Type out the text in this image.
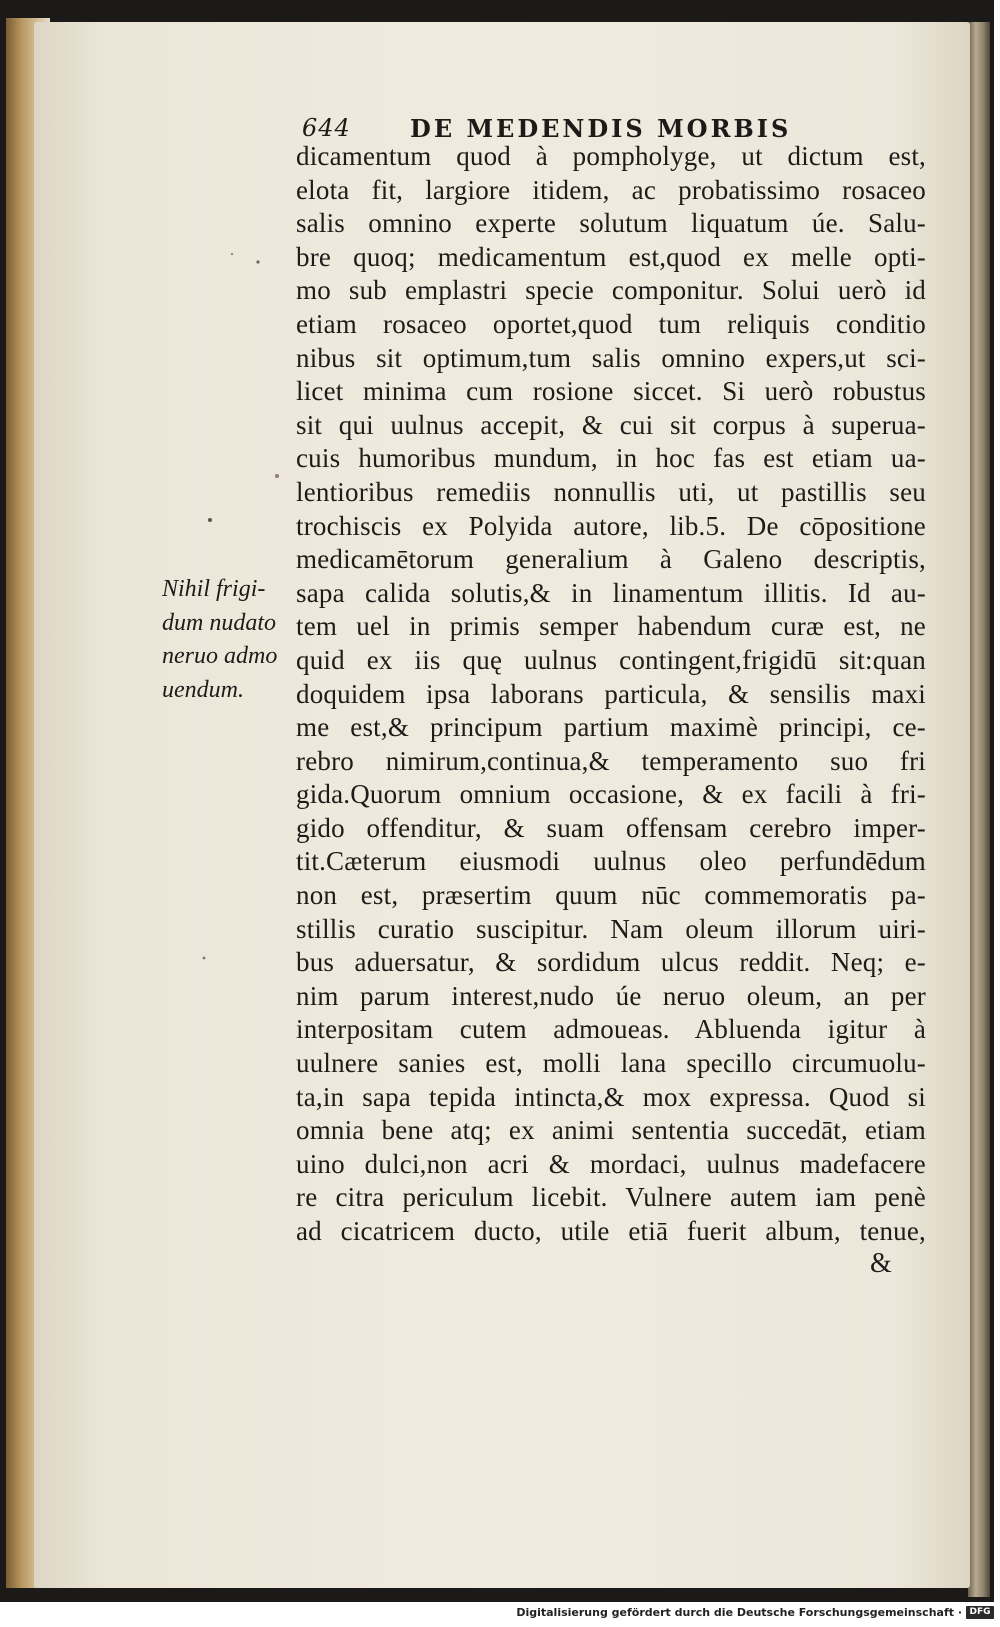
644 DE MEDENDIS MORBIS
dicamentum quod à pompholyge, ut dictum est,
elota fit, largiore itidem, ac probatissimo rosaceo
salis omnino experte solutum liquatum úe. Salu-
bre quoq; medicamentum est,quod ex melle opti-
mo sub emplastri specie componitur. Solui uerò id
etiam rosaceo oportet,quod tum reliquis conditio
nibus sit optimum,tum salis omnino expers,ut sci-
licet minima cum rosione siccet. Si uerò robustus
sit qui uulnus accepit, & cui sit corpus à superua-
cuis humoribus mundum, in hoc fas est etiam ua-
lentioribus remediis nonnullis uti, ut pastillis seu
trochiscis ex Polyida autore, lib.5. De cōpositione
medicamētorum generalium à Galeno descriptis,
sapa calida solutis,& in linamentum illitis. Id au-
tem uel in primis semper habendum curæ est, ne
quid ex iis quę uulnus contingent,frigidū sit:quan
doquidem ipsa laborans particula, & sensilis maxi
me est,& principum partium maximè principi, ce-
rebro nimirum,continua,& temperamento suo fri
gida.Quorum omnium occasione, & ex facili à fri-
gido offenditur, & suam offensam cerebro imper-
tit.Cæterum eiusmodi uulnus oleo perfundēdum
non est, præsertim quum nūc commemoratis pa-
stillis curatio suscipitur. Nam oleum illorum uiri-
bus aduersatur, & sordidum ulcus reddit. Neq; e-
nim parum interest,nudo úe neruo oleum, an per
interpositam cutem admoueas. Abluenda igitur à
uulnere sanies est, molli lana specillo circumuolu-
ta,in sapa tepida intincta,& mox expressa. Quod si
omnia bene atq; ex animi sententia succedāt, etiam
uino dulci,non acri & mordaci, uulnus madefacere
re citra periculum licebit. Vulnere autem iam penè
ad cicatricem ducto, utile etiā fuerit album, tenue,
&
Nihil frigi-
dum nudato
neruo admo
uendum.
Digitalisierung gefördert durch die Deutsche Forschungsgemeinschaft · DFG
